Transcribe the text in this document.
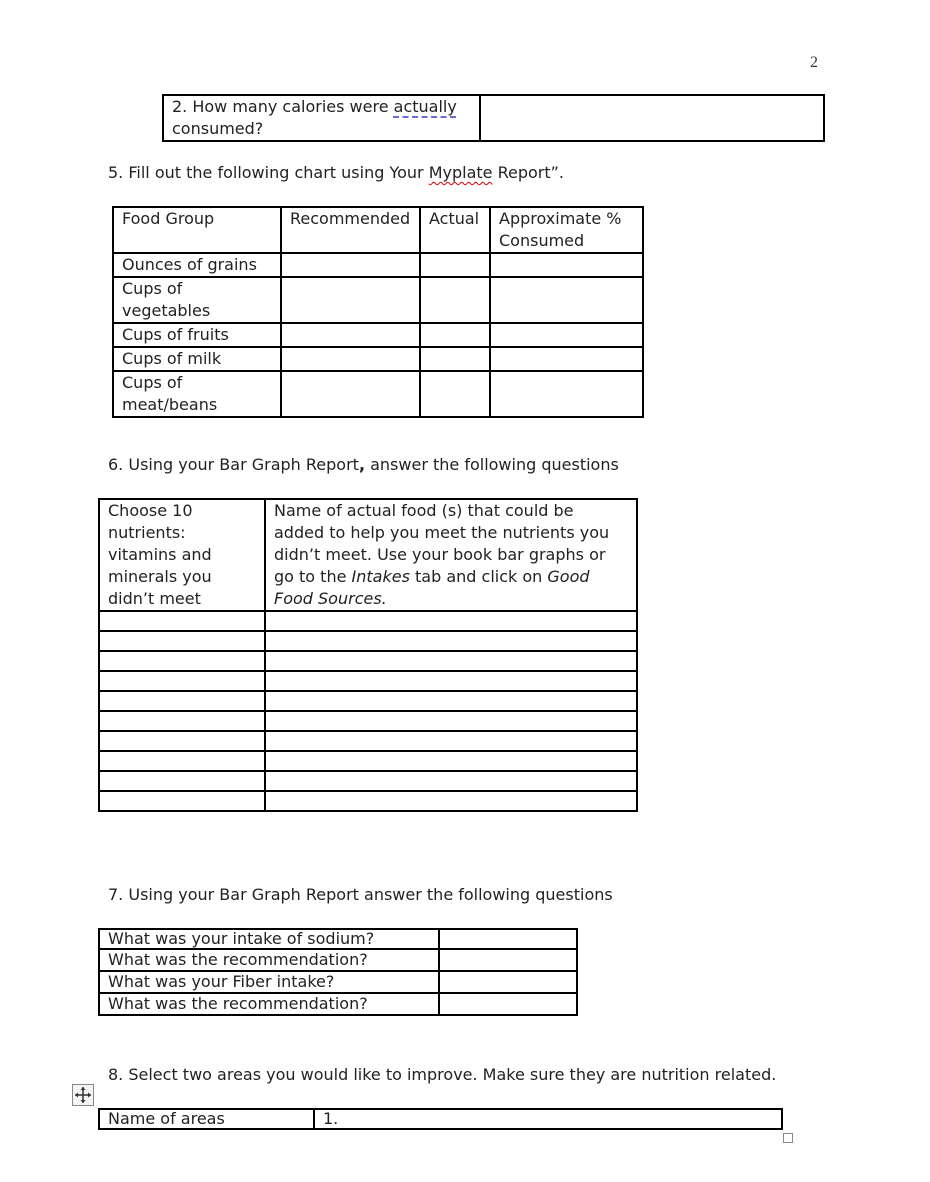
2
2. How many calories were actually consumed?	
5. Fill out the following chart using Your Myplate Report”.
Food Group	Recommended	Actual	Approximate % Consumed
Ounces of grains			
Cups of vegetables			
Cups of fruits			
Cups of milk			
Cups of meat/beans			
6. Using your Bar Graph Report, answer the following questions
Choose 10 nutrients: vitamins and minerals you didn’t meet	Name of actual food (s) that could be added to help you meet the nutrients you didn’t meet. Use your book bar graphs or go to the Intakes tab and click on Good Food Sources.

7. Using your Bar Graph Report answer the following questions
What was your intake of sodium?	
What was the recommendation?	
What was your Fiber intake?	
What was the recommendation?	
8. Select two areas you would like to improve. Make sure they are nutrition related.
Name of areas	1.
